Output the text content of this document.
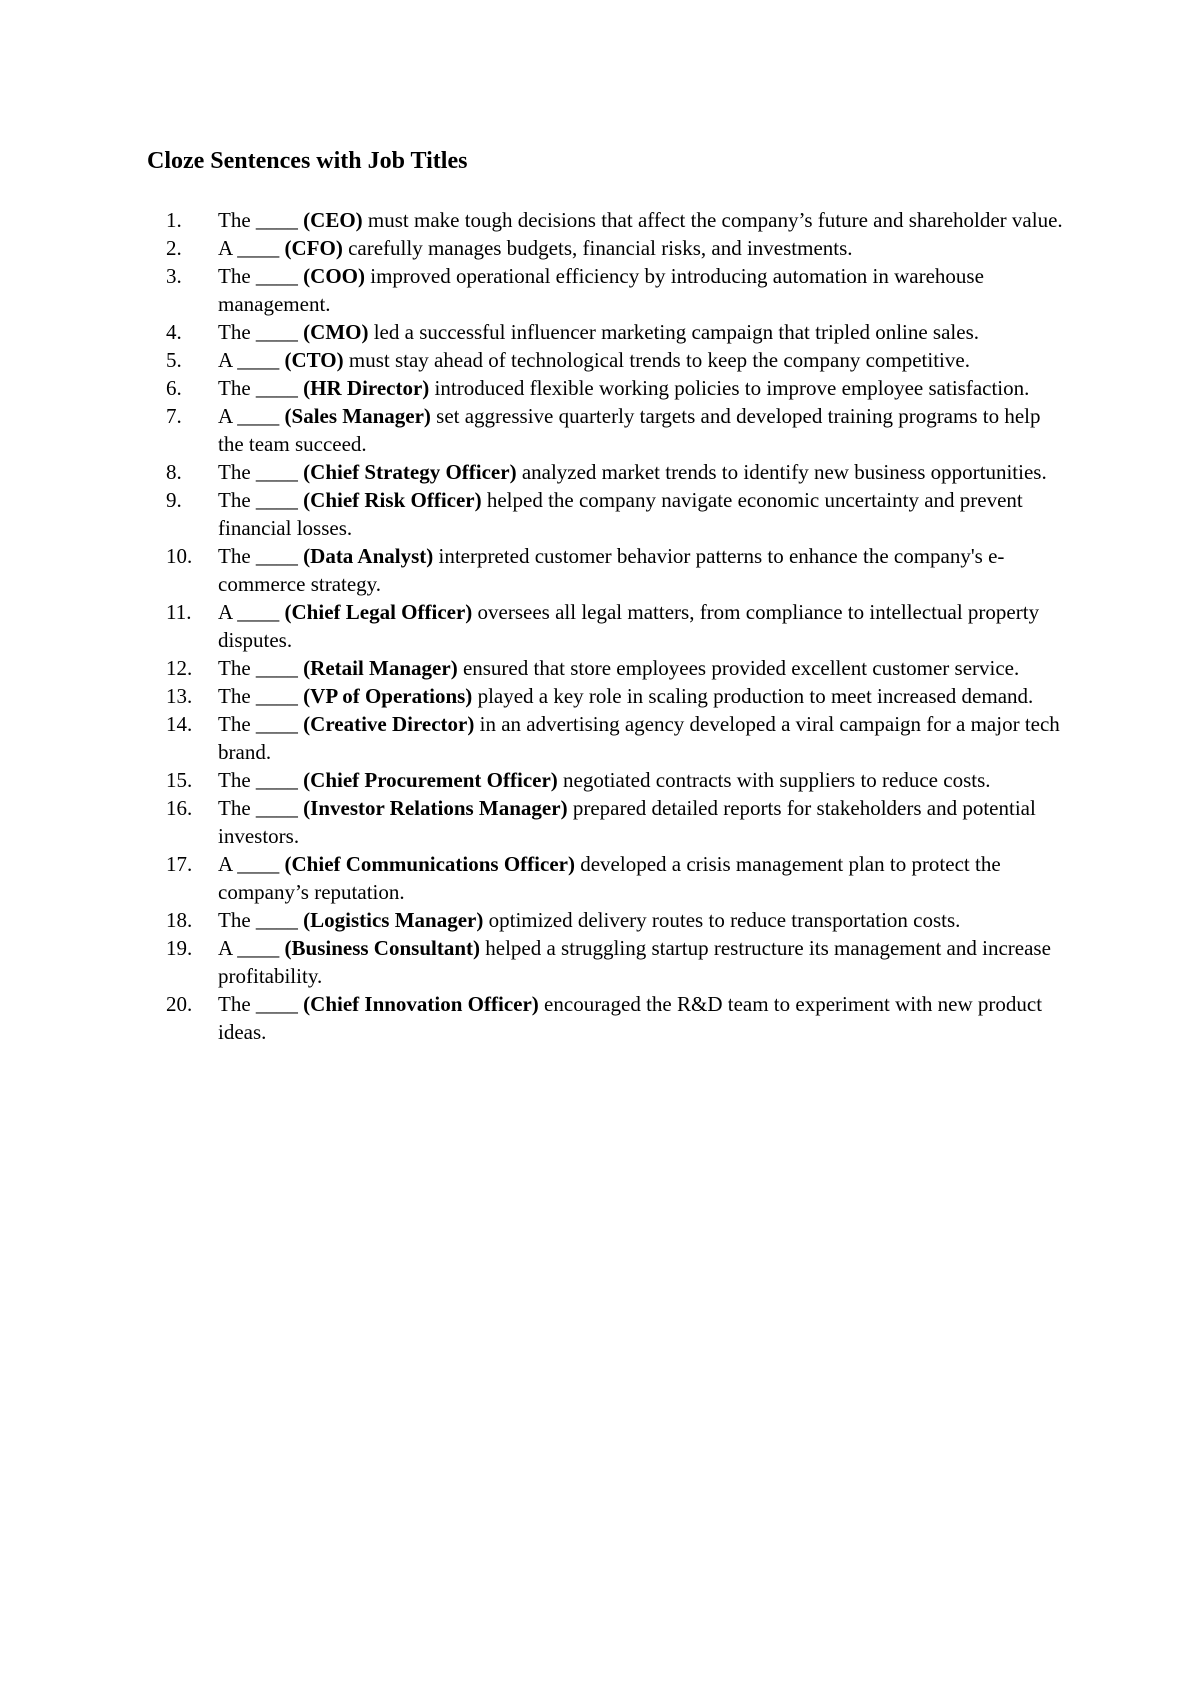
Cloze Sentences with Job Titles
1.	The ____ (CEO) must make tough decisions that affect the company’s future and shareholder value.
2.	A ____ (CFO) carefully manages budgets, financial risks, and investments.
3.	The ____ (COO) improved operational efficiency by introducing automation in warehouse management.
4.	The ____ (CMO) led a successful influencer marketing campaign that tripled online sales.
5.	A ____ (CTO) must stay ahead of technological trends to keep the company competitive.
6.	The ____ (HR Director) introduced flexible working policies to improve employee satisfaction.
7.	A ____ (Sales Manager) set aggressive quarterly targets and developed training programs to help the team succeed.
8.	The ____ (Chief Strategy Officer) analyzed market trends to identify new business opportunities.
9.	The ____ (Chief Risk Officer) helped the company navigate economic uncertainty and prevent financial losses.
10.	The ____ (Data Analyst) interpreted customer behavior patterns to enhance the company's e-commerce strategy.
11.	A ____ (Chief Legal Officer) oversees all legal matters, from compliance to intellectual property disputes.
12.	The ____ (Retail Manager) ensured that store employees provided excellent customer service.
13.	The ____ (VP of Operations) played a key role in scaling production to meet increased demand.
14.	The ____ (Creative Director) in an advertising agency developed a viral campaign for a major tech brand.
15.	The ____ (Chief Procurement Officer) negotiated contracts with suppliers to reduce costs.
16.	The ____ (Investor Relations Manager) prepared detailed reports for stakeholders and potential investors.
17.	A ____ (Chief Communications Officer) developed a crisis management plan to protect the company’s reputation.
18.	The ____ (Logistics Manager) optimized delivery routes to reduce transportation costs.
19.	A ____ (Business Consultant) helped a struggling startup restructure its management and increase profitability.
20.	The ____ (Chief Innovation Officer) encouraged the R&D team to experiment with new product ideas.
